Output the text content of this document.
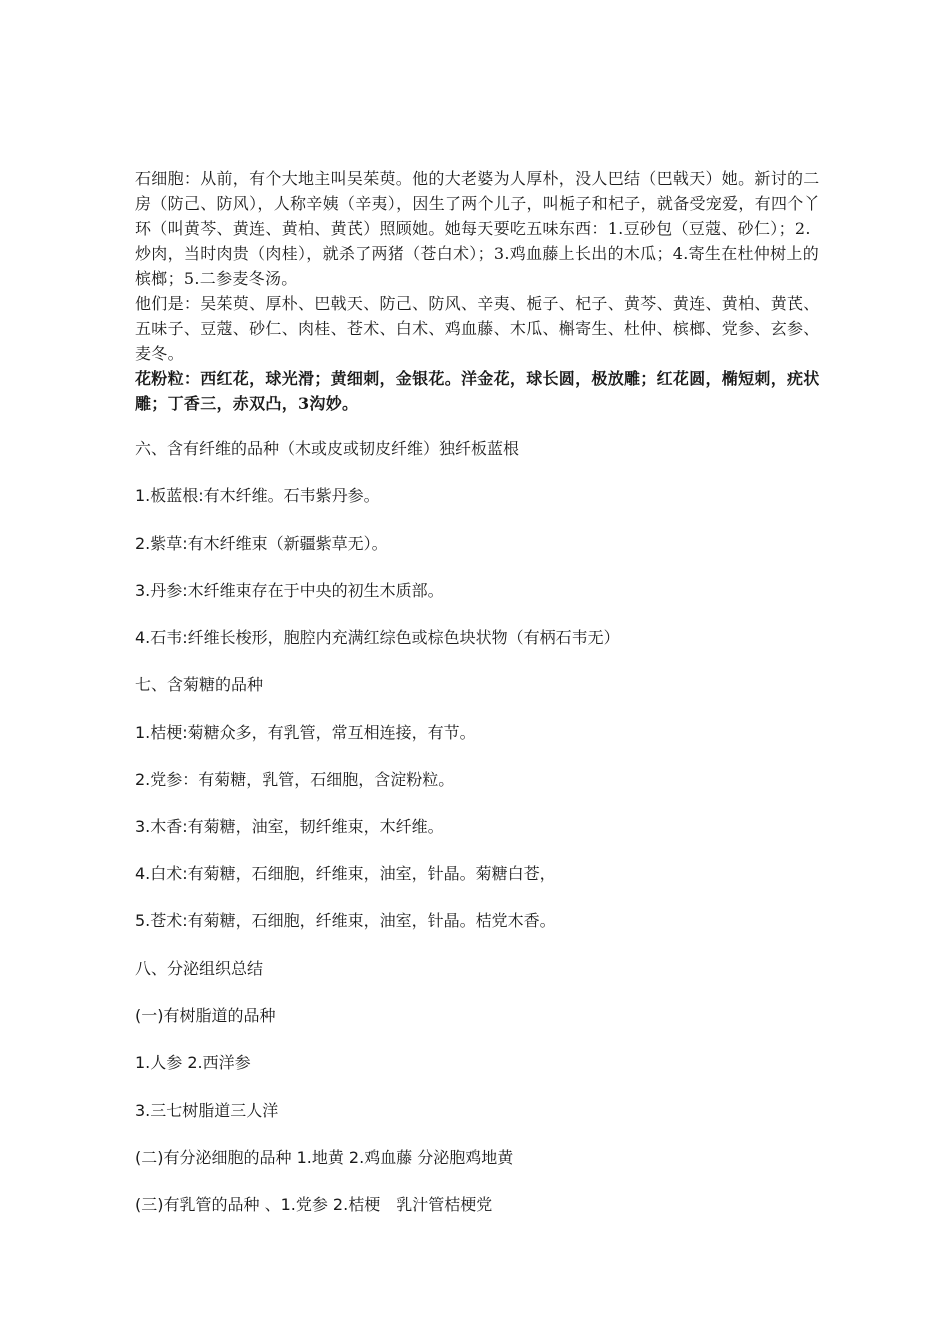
石细胞：从前，有个大地主叫吴茱萸。他的大老婆为人厚朴，没人巴结（巴戟天）她。新讨的二房（防己、防风），人称辛姨（辛夷），因生了两个儿子，叫栀子和杞子，就备受宠爱，有四个丫环（叫黄芩、黄连、黄柏、黄芪）照顾她。她每天要吃五味东西：1.豆砂包（豆蔻、砂仁）；2.炒肉，当时肉贵（肉桂），就杀了两猪（苍白术）；3.鸡血藤上长出的木瓜；4.寄生在杜仲树上的槟榔；5.二参麦冬汤。

他们是：吴茱萸、厚朴、巴戟天、防己、防风、辛夷、栀子、杞子、黄芩、黄连、黄柏、黄芪、五味子、豆蔻、砂仁、肉桂、苍术、白术、鸡血藤、木瓜、槲寄生、杜仲、槟榔、党参、玄参、麦冬。

花粉粒：西红花，球光滑；黄细刺，金银花。洋金花，球长圆，极放雕；红花圆，椭短刺，疣状雕；丁香三，赤双凸，3沟妙。

六、含有纤维的品种（木或皮或韧皮纤维）独纤板蓝根
1.板蓝根:有木纤维。石韦紫丹参。
2.紫草:有木纤维束（新疆紫草无）。
3.丹参:木纤维束存在于中央的初生木质部。
4.石韦:纤维长梭形，胞腔内充满红综色或棕色块状物（有柄石韦无）
七、含菊糖的品种
1.桔梗:菊糖众多，有乳管，常互相连接，有节。
2.党参：有菊糖，乳管，石细胞，含淀粉粒。
3.木香:有菊糖，油室，韧纤维束，木纤维。
4.白术:有菊糖，石细胞，纤维束，油室，针晶。菊糖白苍，
5.苍术:有菊糖，石细胞，纤维束，油室，针晶。桔党木香。
八、分泌组织总结
(一)有树脂道的品种
1.人参 2.西洋参
3.三七树脂道三人洋
(二)有分泌细胞的品种 1.地黄 2.鸡血藤 分泌胞鸡地黄
(三)有乳管的品种 、1.党参 2.桔梗　乳汁管桔梗党
